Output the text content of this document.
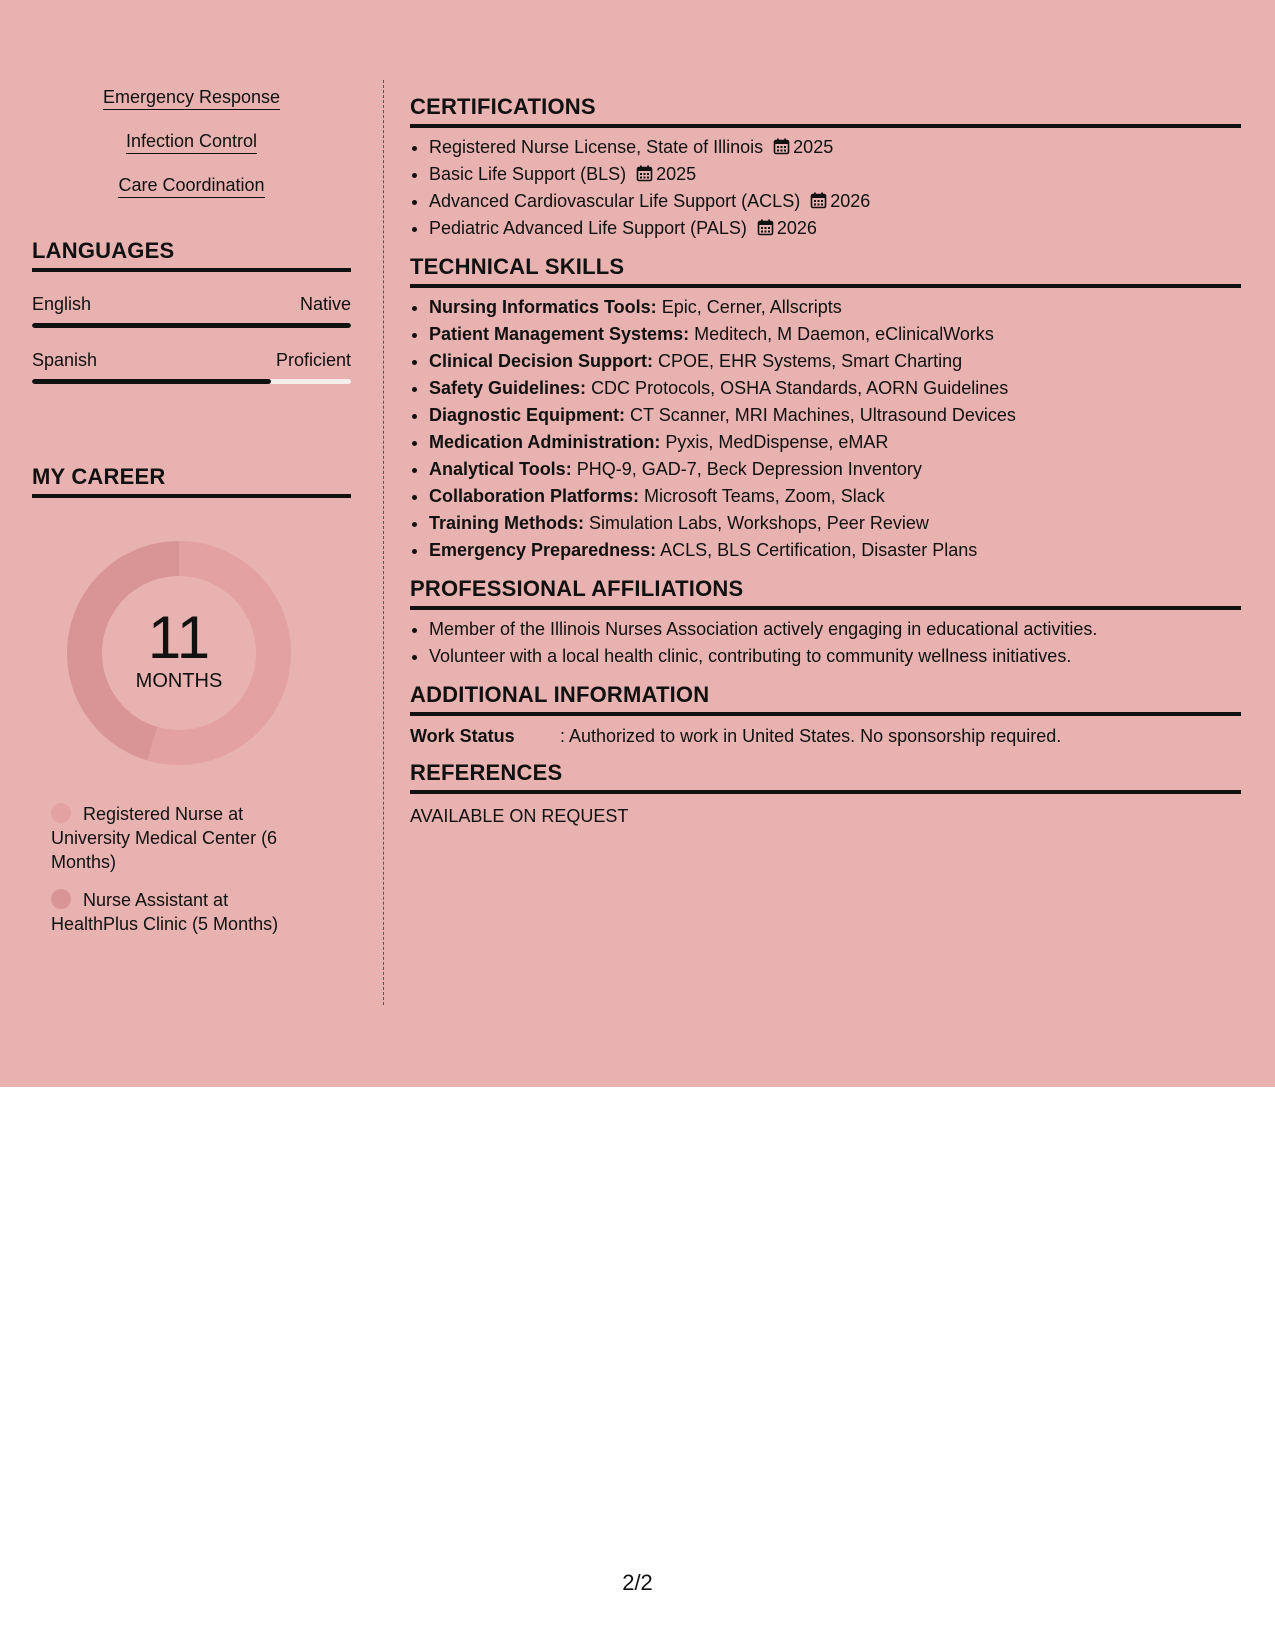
Emergency Response
Infection Control
Care Coordination
LANGUAGES
English	Native
Spanish	Proficient
MY CAREER
11
MONTHS
Registered Nurse at University Medical Center (6 Months)
Nurse Assistant at HealthPlus Clinic (5 Months)
CERTIFICATIONS
• Registered Nurse License, State of Illinois 2025
• Basic Life Support (BLS) 2025
• Advanced Cardiovascular Life Support (ACLS) 2026
• Pediatric Advanced Life Support (PALS) 2026
TECHNICAL SKILLS
• Nursing Informatics Tools: Epic, Cerner, Allscripts
• Patient Management Systems: Meditech, M Daemon, eClinicalWorks
• Clinical Decision Support: CPOE, EHR Systems, Smart Charting
• Safety Guidelines: CDC Protocols, OSHA Standards, AORN Guidelines
• Diagnostic Equipment: CT Scanner, MRI Machines, Ultrasound Devices
• Medication Administration: Pyxis, MedDispense, eMAR
• Analytical Tools: PHQ-9, GAD-7, Beck Depression Inventory
• Collaboration Platforms: Microsoft Teams, Zoom, Slack
• Training Methods: Simulation Labs, Workshops, Peer Review
• Emergency Preparedness: ACLS, BLS Certification, Disaster Plans
PROFESSIONAL AFFILIATIONS
• Member of the Illinois Nurses Association actively engaging in educational activities.
• Volunteer with a local health clinic, contributing to community wellness initiatives.
ADDITIONAL INFORMATION
Work Status	: Authorized to work in United States. No sponsorship required.
REFERENCES
AVAILABLE ON REQUEST
2/2
